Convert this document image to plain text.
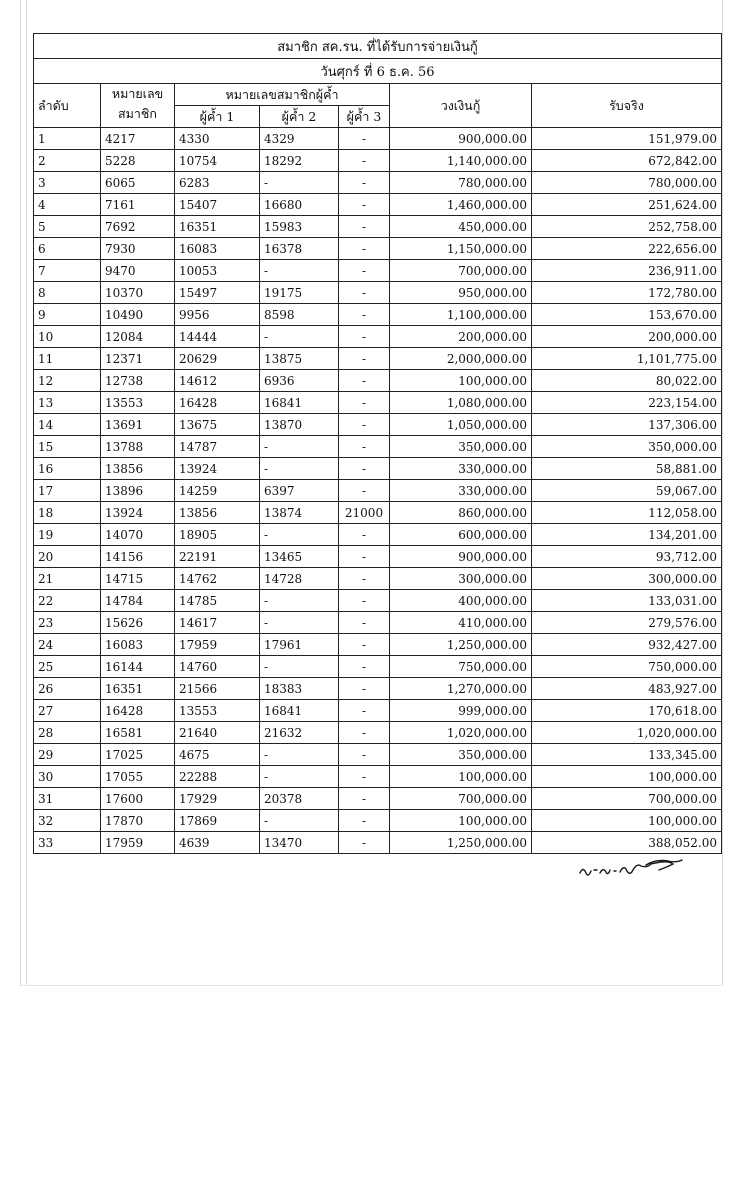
สมาชิก สค.รน. ที่ได้รับการจ่ายเงินกู้						
วันศุกร์ ที่ 6 ธ.ค. 56						
ลำดับ	หมายเลข
สมาชิก	หมายเลขสมาชิกผู้ค้ำ			วงเงินกู้	รับจริง
		ผู้ค้ำ 1	ผู้ค้ำ 2	ผู้ค้ำ 3		
1	4217	4330	4329	-	900,000.00	151,979.00
2	5228	10754	18292	-	1,140,000.00	672,842.00
3	6065	6283	-	-	780,000.00	780,000.00
4	7161	15407	16680	-	1,460,000.00	251,624.00
5	7692	16351	15983	-	450,000.00	252,758.00
6	7930	16083	16378	-	1,150,000.00	222,656.00
7	9470	10053	-	-	700,000.00	236,911.00
8	10370	15497	19175	-	950,000.00	172,780.00
9	10490	9956	8598	-	1,100,000.00	153,670.00
10	12084	14444	-	-	200,000.00	200,000.00
11	12371	20629	13875	-	2,000,000.00	1,101,775.00
12	12738	14612	6936	-	100,000.00	80,022.00
13	13553	16428	16841	-	1,080,000.00	223,154.00
14	13691	13675	13870	-	1,050,000.00	137,306.00
15	13788	14787	-	-	350,000.00	350,000.00
16	13856	13924	-	-	330,000.00	58,881.00
17	13896	14259	6397	-	330,000.00	59,067.00
18	13924	13856	13874	21000	860,000.00	112,058.00
19	14070	18905	-	-	600,000.00	134,201.00
20	14156	22191	13465	-	900,000.00	93,712.00
21	14715	14762	14728	-	300,000.00	300,000.00
22	14784	14785	-	-	400,000.00	133,031.00
23	15626	14617	-	-	410,000.00	279,576.00
24	16083	17959	17961	-	1,250,000.00	932,427.00
25	16144	14760	-	-	750,000.00	750,000.00
26	16351	21566	18383	-	1,270,000.00	483,927.00
27	16428	13553	16841	-	999,000.00	170,618.00
28	16581	21640	21632	-	1,020,000.00	1,020,000.00
29	17025	4675	-	-	350,000.00	133,345.00
30	17055	22288	-	-	100,000.00	100,000.00
31	17600	17929	20378	-	700,000.00	700,000.00
32	17870	17869	-	-	100,000.00	100,000.00
33	17959	4639	13470	-	1,250,000.00	388,052.00
